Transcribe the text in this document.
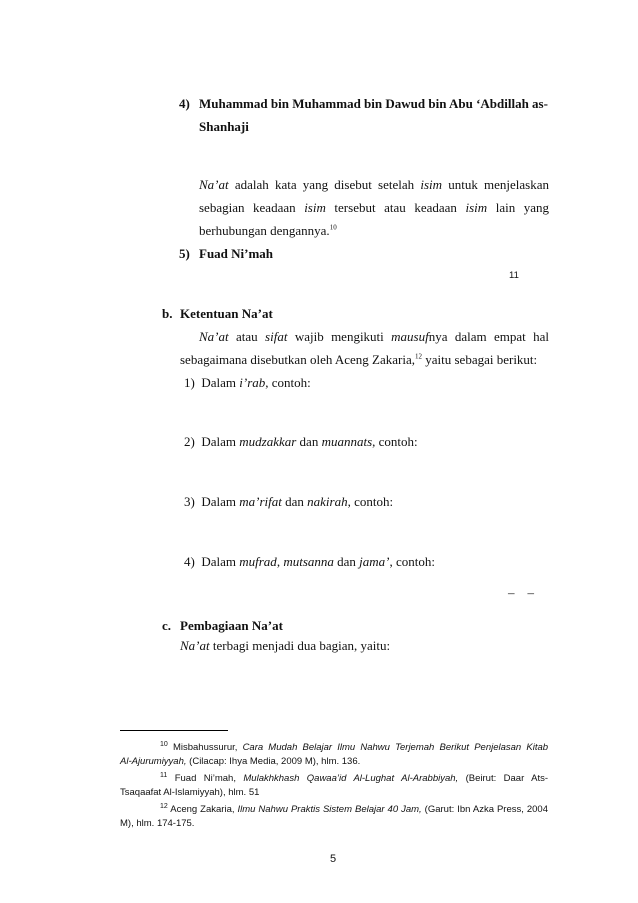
4) Muhammad bin Muhammad bin Dawud bin Abu ‘Abdillah as-
Shanhaji
Na’at adalah kata yang disebut setelah isim untuk menjelaskan
sebagian keadaan isim tersebut atau keadaan isim lain yang
berhubungan dengannya.$^{10}$
5) Fuad Ni’mah
11
b. Ketentuan Na’at
Na’at atau sifat wajib mengikuti mausufnya dalam empat hal
sebagaimana disebutkan oleh Aceng Zakaria,$^{12}$ yaitu sebagai berikut:
1) Dalam i’rab, contoh:
2) Dalam mudzakkar dan muannats, contoh:
3) Dalam ma’rifat dan nakirah, contoh:
4) Dalam mufrad, mutsanna dan jama’, contoh:
–    –
c. Pembagiaan Na’at
Na’at terbagi menjadi dua bagian, yaitu:
$^{10}$ Misbahussurur, Cara Mudah Belajar Ilmu Nahwu Terjemah Berikut Penjelasan Kitab
Al-Ajurumiyyah, (Cilacap: Ihya Media, 2009 M), hlm. 136.
$^{11}$ Fuad Ni’mah, Mulakhkhash Qawaa’id Al-Lughat Al-Arabbiyah, (Beirut: Daar Ats-
Tsaqaafat Al-Islamiyyah), hlm. 51
$^{12}$ Aceng Zakaria, Ilmu Nahwu Praktis Sistem Belajar 40 Jam, (Garut: Ibn Azka Press, 2004
M), hlm. 174-175.
5
